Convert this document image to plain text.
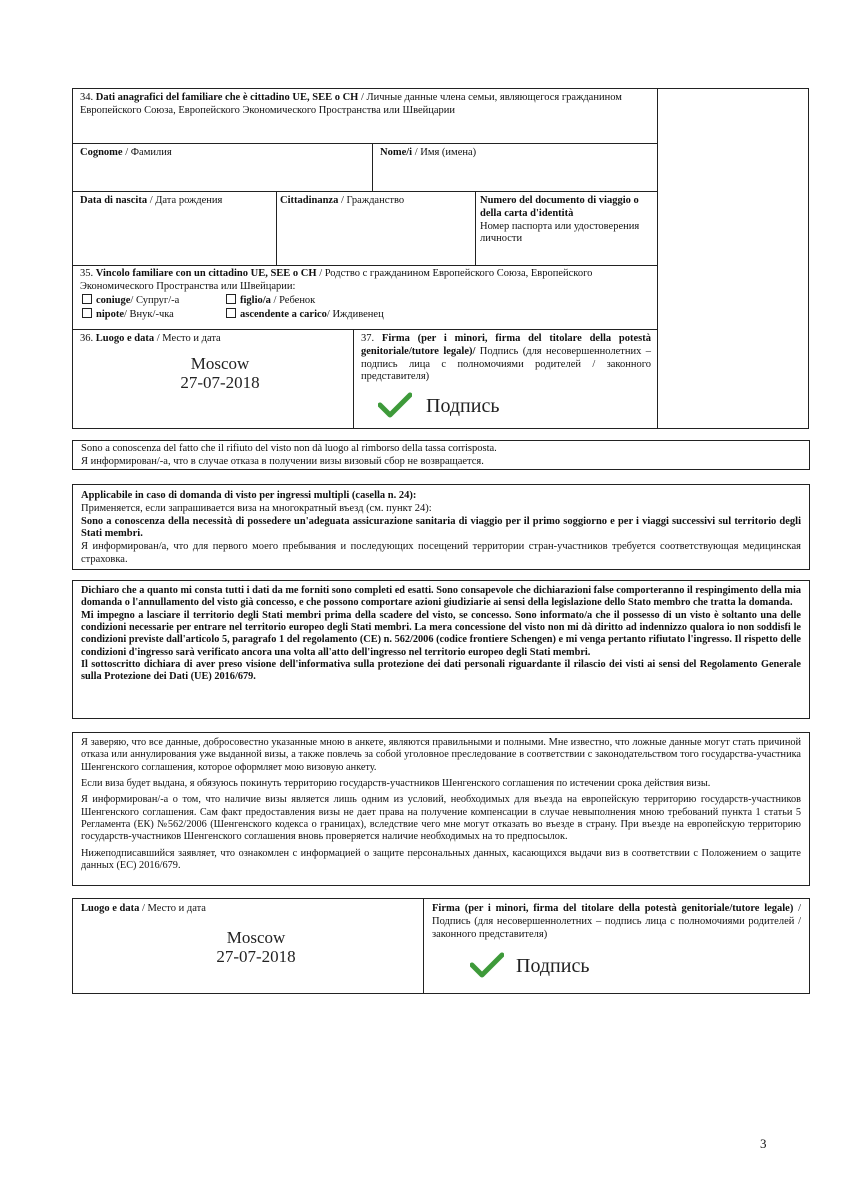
34. Dati anagrafici del familiare che è cittadino UE, SEE o CH / Личные данные члена семьи, являющегося гражданином Европейского Союза, Европейского Экономического Пространства или Швейцарии
Cognome / Фамилия	Nome/i / Имя (имена)
Data di nascita / Дата рождения	Cittadinanza / Гражданство	Numero del documento di viaggio o della carta d'identità
Номер паспорта или удостоверения личности
35. Vincolo familiare con un cittadino UE, SEE o CH / Родство с гражданином Европейского Союза, Европейского Экономического Пространства или Швейцарии:
coniuge/ Супруг/-а	figlio/a / Ребенок
nipote/ Внук/-чка	ascendente a carico/ Иждивенец
36. Luogo e data / Место и дата
Moscow
27-07-2018
37. Firma (per i minori, firma del titolare della potestà genitoriale/tutore legale)/ Подпись (для несовершеннолетних – подпись лица с полномочиями родителей / законного представителя)
Подпись
Sono a conoscenza del fatto che il rifiuto del visto non dà luogo al rimborso della tassa corrisposta.
Я информирован/-а, что в случае отказа в получении визы визовый сбор не возвращается.
Applicabile in caso di domanda di visto per ingressi multipli (casella n. 24):
Применяется, если запрашивается виза на многократный въезд (см. пункт 24):
Sono a conoscenza della necessità di possedere un'adeguata assicurazione sanitaria di viaggio per il primo soggiorno e per i viaggi successivi sul territorio degli Stati membri.
Я информирован/а, что для первого моего пребывания и последующих посещений территории стран-участников требуется соответствующая медицинская страховка.
Dichiaro che a quanto mi consta tutti i dati da me forniti sono completi ed esatti. Sono consapevole che dichiarazioni false comporteranno il respingimento della mia domanda o l'annullamento del visto già concesso, e che possono comportare azioni giudiziarie ai sensi della legislazione dello Stato membro che tratta la domanda.
Mi impegno a lasciare il territorio degli Stati membri prima della scadere del visto, se concesso. Sono informato/a che il possesso di un visto è soltanto una delle condizioni necessarie per entrare nel territorio europeo degli Stati membri. La mera concessione del visto non mi dà diritto ad indennizzo qualora io non soddisfi le condizioni previste dall'articolo 5, paragrafo 1 del regolamento (CE) n. 562/2006 (codice frontiere Schengen) e mi venga pertanto rifiutato l'ingresso. Il rispetto delle condizioni d'ingresso sarà verificato ancora una volta all'atto dell'ingresso nel territorio europeo degli Stati membri.
Il sottoscritto dichiara di aver preso visione dell'informativa sulla protezione dei dati personali riguardante il rilascio dei visti ai sensi del Regolamento Generale sulla Protezione dei Dati (UE) 2016/679.

Я заверяю, что все данные, добросовестно указанные мною в анкете, являются правильными и полными. Мне известно, что ложные данные могут стать причиной отказа или аннулирования уже выданной визы, а также повлечь за собой уголовное преследование в соответствии с законодательством того государства-участника Шенгенского соглашения, которое оформляет мою визовую анкету.

Если виза будет выдана, я обязуюсь покинуть территорию государств-участников Шенгенского соглашения по истечении срока действия визы.

Я информирован/-а о том, что наличие визы является лишь одним из условий, необходимых для въезда на европейскую территорию государств-участников Шенгенского соглашения. Сам факт предоставления визы не дает права на получение компенсации в случае невыполнения мною требований пункта 1 статьи 5 Регламента (ЕК) №562/2006 (Шенгенского кодекса о границах), вследствие чего мне могут отказать во въезде в страну. При въезде на европейскую территорию государств-участников Шенгенского соглашения вновь проверяется наличие необходимых на то предпосылок.

Нижеподписавшийся заявляет, что ознакомлен с информацией о защите персональных данных, касающихся выдачи виз в соответствии с Положением о защите данных (ЕС) 2016/679.

Luogo e data / Место и дата
Moscow
27-07-2018
Firma (per i minori, firma del titolare della potestà genitoriale/tutore legale) / Подпись (для несовершеннолетних – подпись лица с полномочиями родителей / законного представителя)
Подпись
3
